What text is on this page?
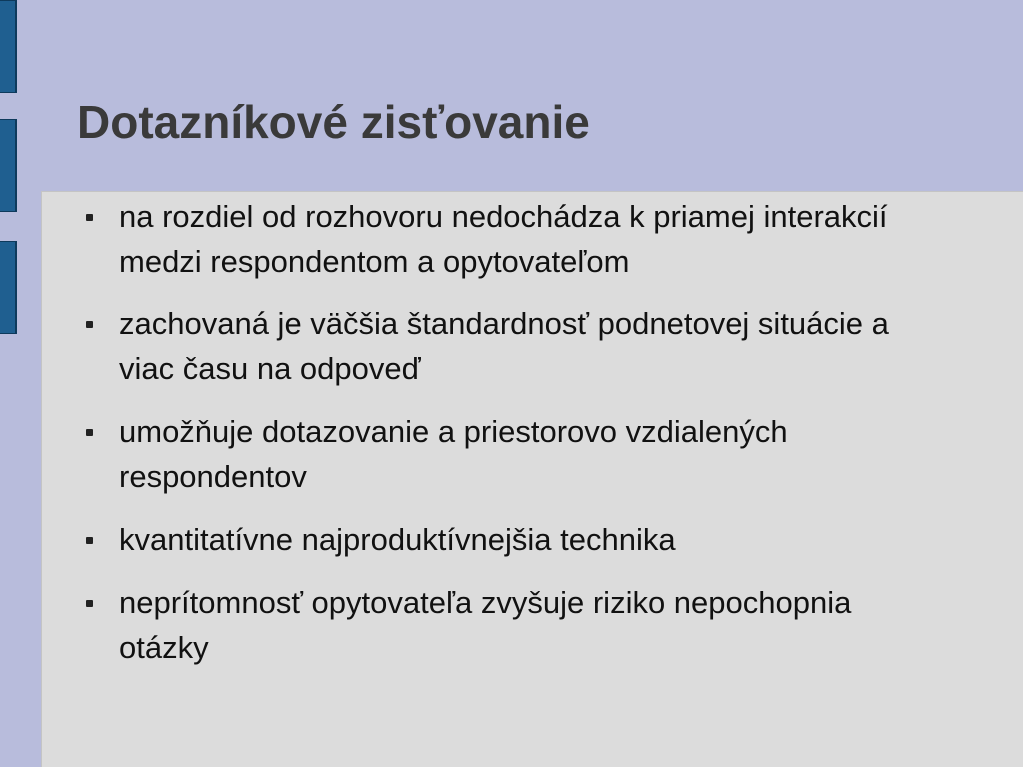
Dotazníkové zisťovanie
na rozdiel od rozhovoru nedochádza k priamej interakcií medzi respondentom a opytovateľom
zachovaná je väčšia štandardnosť podnetovej situácie a viac času na odpoveď
umožňuje dotazovanie a priestorovo vzdialených respondentov
kvantitatívne najproduktívnejšia technika
neprítomnosť opytovateľa zvyšuje riziko nepochopnia otázky
